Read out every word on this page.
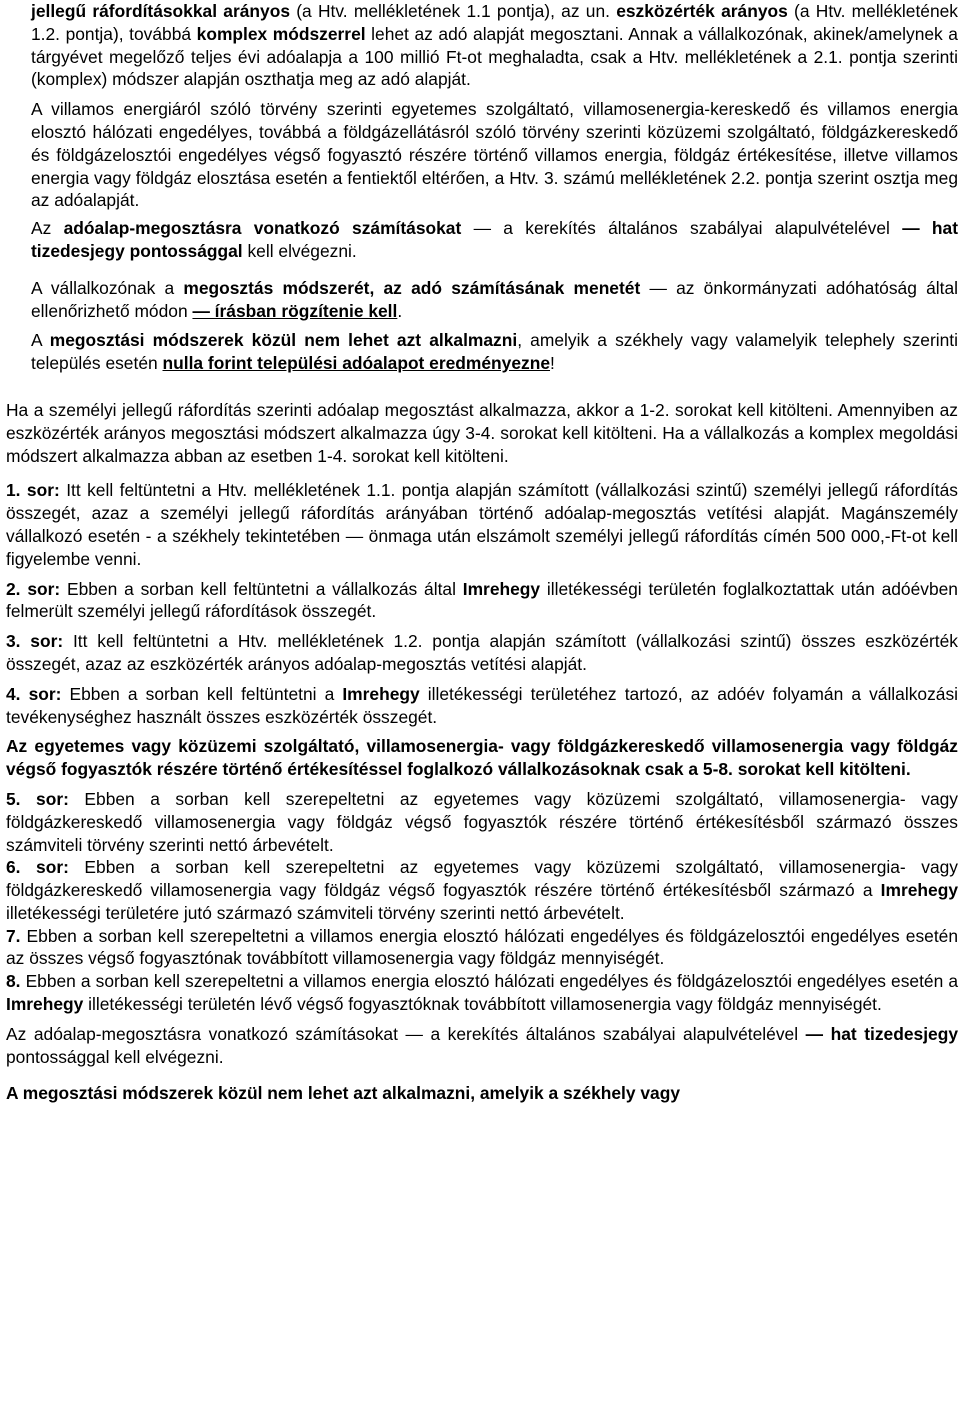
jellegű ráfordításokkal arányos (a Htv. mellékletének 1.1 pontja), az un. eszközérték arányos (a Htv. mellékletének 1.2. pontja), továbbá komplex módszerrel lehet az adó alapját megosztani. Annak a vállalkozónak, akinek/amelynek a tárgyévet megelőző teljes évi adóalapja a 100 millió Ft-ot meghaladta, csak a Htv. mellékletének a 2.1. pontja szerinti (komplex) módszer alapján oszthatja meg az adó alapját.

A villamos energiáról szóló törvény szerinti egyetemes szolgáltató, villamosenergia-kereskedő és villamos energia elosztó hálózati engedélyes, továbbá a földgázellátásról szóló törvény szerinti közüzemi szolgáltató, földgázkereskedő és földgázelosztói engedélyes végső fogyasztó részére történő villamos energia, földgáz értékesítése, illetve villamos energia vagy földgáz elosztása esetén a fentiektől eltérően, a Htv. 3. számú mellékletének 2.2. pontja szerint osztja meg az adóalapját.

Az adóalap-megosztásra vonatkozó számításokat — a kerekítés általános szabályai alapulvételével — hat tizedesjegy pontossággal kell elvégezni.

A vállalkozónak a megosztás módszerét, az adó számításának menetét — az önkormányzati adóhatóság által ellenőrizhető módon — írásban rögzítenie kell.

A megosztási módszerek közül nem lehet azt alkalmazni, amelyik a székhely vagy valamelyik telephely szerinti település esetén nulla forint települési adóalapot eredményezne!

Ha a személyi jellegű ráfordítás szerinti adóalap megosztást alkalmazza, akkor a 1-2. sorokat kell kitölteni. Amennyiben az eszközérték arányos megosztási módszert alkalmazza úgy 3-4. sorokat kell kitölteni. Ha a vállalkozás a komplex megoldási módszert alkalmazza abban az esetben 1-4. sorokat kell kitölteni.

1. sor: Itt kell feltüntetni a Htv. mellékletének 1.1. pontja alapján számított (vállalkozási szintű) személyi jellegű ráfordítás összegét, azaz a személyi jellegű ráfordítás arányában történő adóalap-megosztás vetítési alapját. Magánszemély vállalkozó esetén - a székhely tekintetében — önmaga után elszámolt személyi jellegű ráfordítás címén 500 000,-Ft-ot kell figyelembe venni.

2. sor: Ebben a sorban kell feltüntetni a vállalkozás által Imrehegy illetékességi területén foglalkoztattak után adóévben felmerült személyi jellegű ráfordítások összegét.

3. sor: Itt kell feltüntetni a Htv. mellékletének 1.2. pontja alapján számított (vállalkozási szintű) összes eszközérték összegét, azaz az eszközérték arányos adóalap-megosztás vetítési alapját.

4. sor: Ebben a sorban kell feltüntetni a Imrehegy illetékességi területéhez tartozó, az adóév folyamán a vállalkozási tevékenységhez használt összes eszközérték összegét.

Az egyetemes vagy közüzemi szolgáltató, villamosenergia- vagy földgázkereskedő villamosenergia vagy földgáz végső fogyasztók részére történő értékesítéssel foglalkozó vállalkozásoknak csak a 5-8. sorokat kell kitölteni.

5. sor: Ebben a sorban kell szerepeltetni az egyetemes vagy közüzemi szolgáltató, villamosenergia- vagy földgázkereskedő villamosenergia vagy földgáz végső fogyasztók részére történő értékesítésből származó összes számviteli törvény szerinti nettó árbevételt.

6. sor: Ebben a sorban kell szerepeltetni az egyetemes vagy közüzemi szolgáltató, villamosenergia- vagy földgázkereskedő villamosenergia vagy földgáz végső fogyasztók részére történő értékesítésből származó a Imrehegy illetékességi területére jutó származó számviteli törvény szerinti nettó árbevételt.

7. Ebben a sorban kell szerepeltetni a villamos energia elosztó hálózati engedélyes és földgázelosztói engedélyes esetén az összes végső fogyasztónak továbbított villamosenergia vagy földgáz mennyiségét.

8. Ebben a sorban kell szerepeltetni a villamos energia elosztó hálózati engedélyes és földgázelosztói engedélyes esetén a Imrehegy illetékességi területén lévő végső fogyasztóknak továbbított villamosenergia vagy földgáz mennyiségét.

Az adóalap-megosztásra vonatkozó számításokat — a kerekítés általános szabályai alapulvételével — hat tizedesjegy pontossággal kell elvégezni.

A megosztási módszerek közül nem lehet azt alkalmazni, amelyik a székhely vagy
